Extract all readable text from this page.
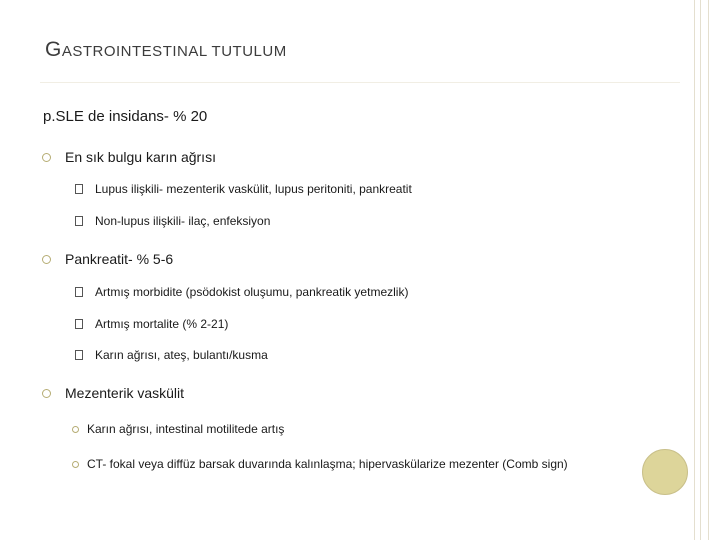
GASTROINTESTINAL TUTULUM
p.SLE de insidans- % 20
En sık bulgu karın ağrısı
Lupus ilişkili- mezenterik vaskülit, lupus peritoniti, pankreatit
Non-lupus ilişkili- ilaç, enfeksiyon
Pankreatit- % 5-6
Artmış morbidite (psödokist oluşumu, pankreatik yetmezlik)
Artmış mortalite (% 2-21)
Karın ağrısı, ateş, bulantı/kusma
Mezenterik vaskülit
Karın ağrısı, intestinal motilitede artış
CT- fokal veya diffüz barsak duvarında kalınlaşma; hipervaskülarize mezenter (Comb sign)
